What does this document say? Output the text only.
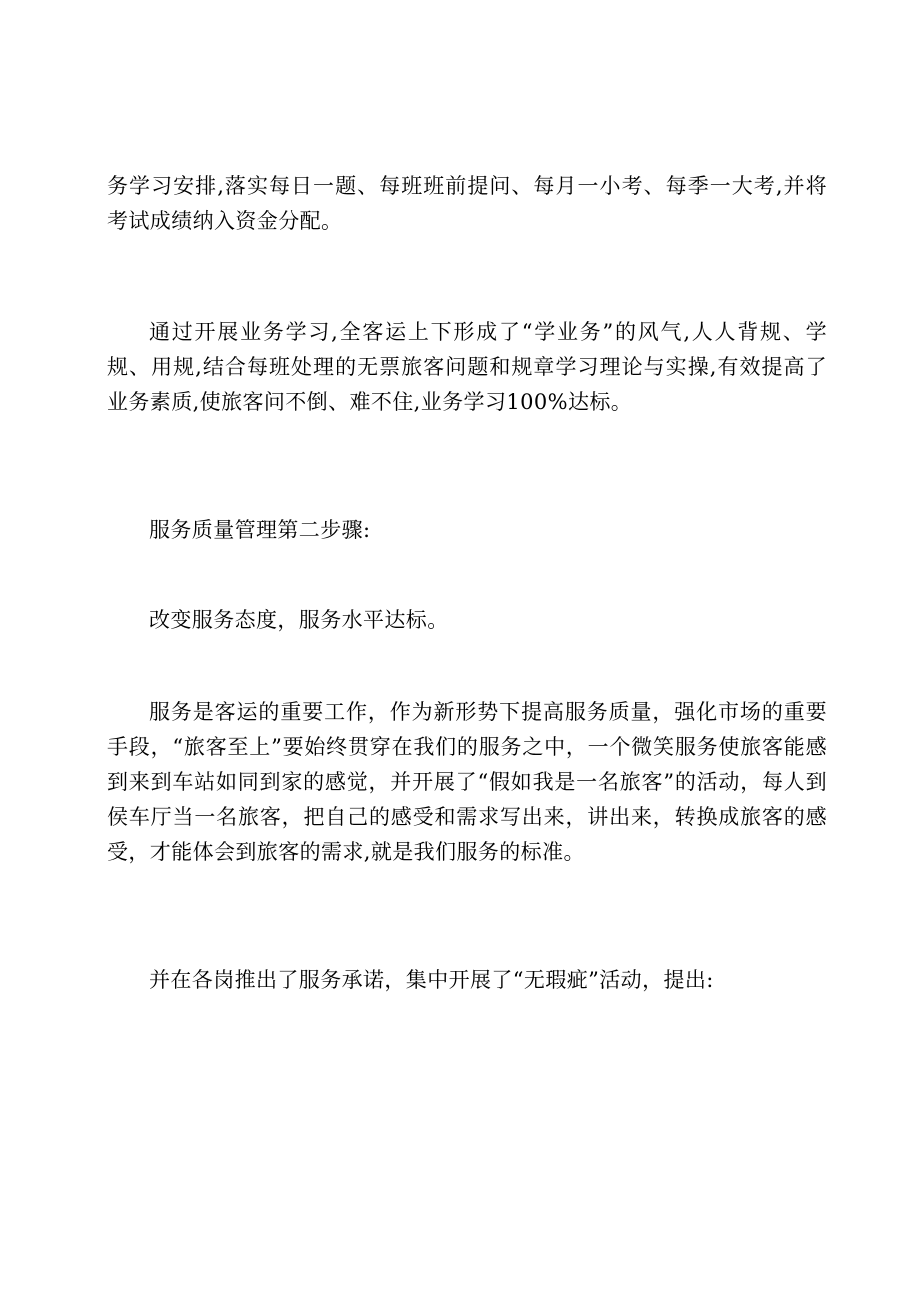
务学习安排,落实每日一题、每班班前提问、每月一小考、每季一大考,并将考试成绩纳入资金分配。

通过开展业务学习,全客运上下形成了“学业务”的风气,人人背规、学规、用规,结合每班处理的无票旅客问题和规章学习理论与实操,有效提高了业务素质,使旅客问不倒、难不住,业务学习100%达标。

服务质量管理第二步骤:

改变服务态度，服务水平达标。

服务是客运的重要工作，作为新形势下提高服务质量，强化市场的重要手段，“旅客至上”要始终贯穿在我们的服务之中，一个微笑服务使旅客能感到来到车站如同到家的感觉，并开展了“假如我是一名旅客”的活动，每人到侯车厅当一名旅客，把自己的感受和需求写出来，讲出来，转换成旅客的感受，才能体会到旅客的需求,就是我们服务的标准。

并在各岗推出了服务承诺，集中开展了“无瑕疵”活动，提出:
